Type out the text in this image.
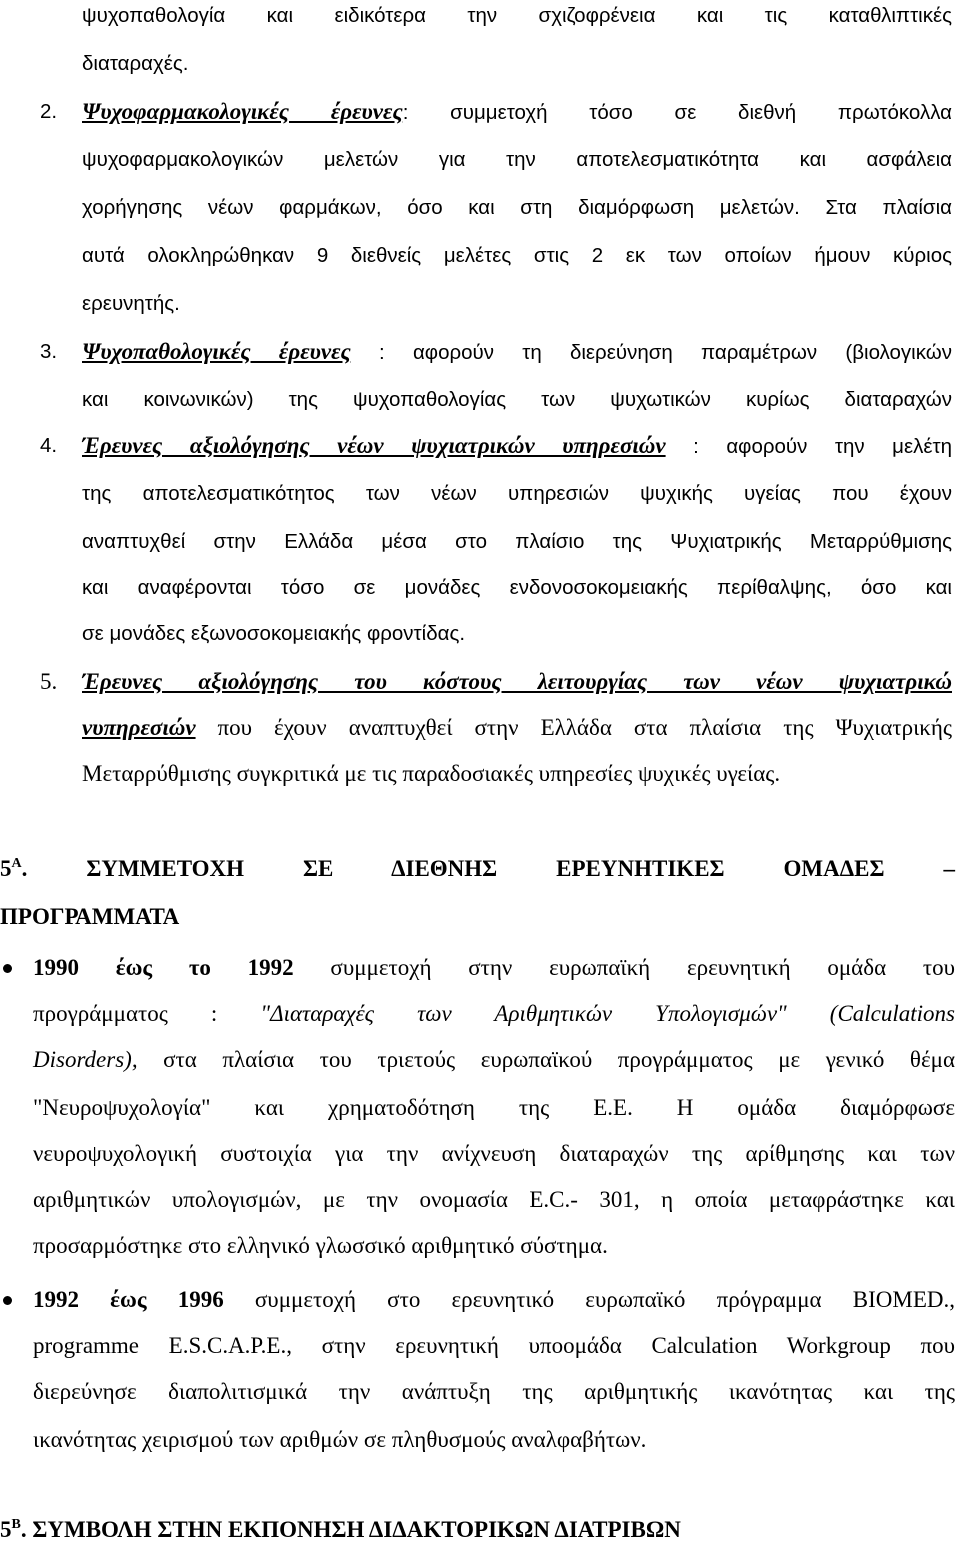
ψυχοπαθολογία και ειδικότερα την σχιζοφρένεια και τις καταθλιπτικές
διαταραχές.
2. Ψυχοφαρμακολογικές έρευνες: συμμετοχή τόσο σε διεθνή πρωτόκολλα
ψυχοφαρμακολογικών μελετών για την αποτελεσματικότητα και ασφάλεια
χορήγησης νέων φαρμάκων, όσο και στη διαμόρφωση μελετών. Στα πλαίσια
αυτά ολοκληρώθηκαν 9 διεθνείς μελέτες στις 2 εκ των οποίων ήμουν κύριος
ερευνητής.
3. Ψυχοπαθολογικές έρευνες : αφορούν τη διερεύνηση παραμέτρων (βιολογικών
και κοινωνικών) της ψυχοπαθολογίας των ψυχωτικών κυρίως διαταραχών
4. Έρευνες αξιολόγησης νέων ψυχιατρικών υπηρεσιών : αφορούν την μελέτη
της αποτελεσματικότητος των νέων υπηρεσιών ψυχικής υγείας που έχουν
αναπτυχθεί στην Ελλάδα μέσα στο πλαίσιο της Ψυχιατρικής Μεταρρύθμισης
και αναφέρονται τόσο σε μονάδες ενδονοσοκομειακής περίθαλψης, όσο και
σε μονάδες εξωνοσοκομειακής φροντίδας.
5. Έρευνες αξιολόγησης του κόστους λειτουργίας των νέων ψυχιατρικώ
νυπηρεσιών που έχουν αναπτυχθεί στην Ελλάδα στα πλαίσια της Ψυχιατρικής
Μεταρρύθμισης συγκριτικά με τις παραδοσιακές υπηρεσίες ψυχικές υγείας.
$5^A$. ΣΥΜΜΕΤΟΧΗ ΣΕ ΔΙΕΘΝΗΣ ΕΡΕΥΝΗΤΙΚΕΣ ΟΜΑΔΕΣ –
ΠΡΟΓΡΑΜΜΑΤΑ
1990 έως το 1992 συμμετοχή στην ευρωπαϊκή ερευνητική ομάδα του
προγράμματος : "Διαταραχές των Αριθμητικών Υπολογισμών" (Calculations
Disorders), στα πλαίσια του τριετούς ευρωπαϊκού προγράμματος με γενικό θέμα
"Νευροψυχολογία" και χρηματοδότηση της Ε.Ε. Η ομάδα διαμόρφωσε
νευροψυχολογική συστοιχία για την ανίχνευση διαταραχών της αρίθμησης και των
αριθμητικών υπολογισμών, με την ονομασία E.C.- 301, η οποία μεταφράστηκε και
προσαρμόστηκε στο ελληνικό γλωσσικό αριθμητικό σύστημα.
1992 έως 1996 συμμετοχή στο ερευνητικό ευρωπαϊκό πρόγραμμα BIOMED.,
programme E.S.C.A.P.E., στην ερευνητική υποομάδα Calculation Workgroup που
διερεύνησε διαπολιτισμικά την ανάπτυξη της αριθμητικής ικανότητας και της
ικανότητας χειρισμού των αριθμών σε πληθυσμούς αναλφαβήτων.
$5^B$. ΣΥΜΒΟΛΗ ΣΤΗΝ ΕΚΠΟΝΗΣΗ ΔΙΔΑΚΤΟΡΙΚΩΝ ΔΙΑΤΡΙΒΩΝ
